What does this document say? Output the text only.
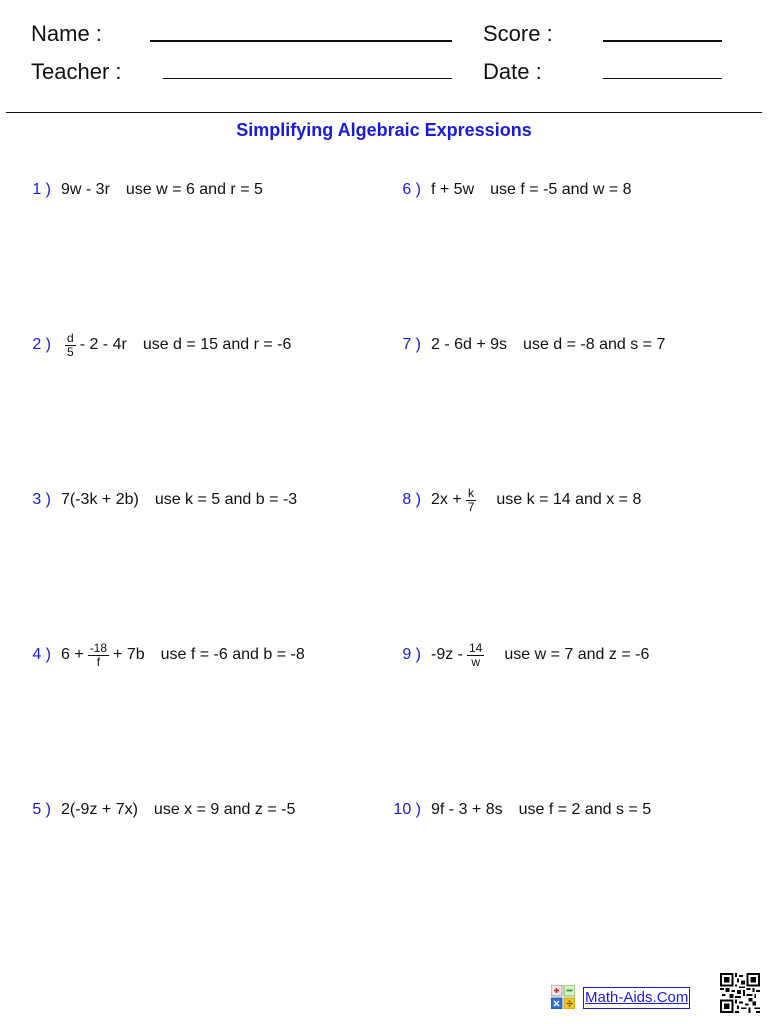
Name :	Score :
Teacher :	Date :
Simplifying Algebraic Expressions
1 ) 9w - 3r use w = 6 and r = 5
2 ) $\frac{d}{5} - 2 - 4r$ use d = 15 and r = -6
3 ) 7(-3k + 2b) use k = 5 and b = -3
4 ) $6 + \frac{-18}{f} + 7b$ use f = -6 and b = -8
5 ) 2(-9z + 7x) use x = 9 and z = -5
6 ) f + 5w use f = -5 and w = 8
7 ) 2 - 6d + 9s use d = -8 and s = 7
8 ) $2x + \frac{k}{7}$ use k = 14 and x = 8
9 ) $-9z - \frac{14}{w}$ use w = 7 and z = -6
10 ) 9f - 3 + 8s use f = 2 and s = 5
Math-Aids.Com
